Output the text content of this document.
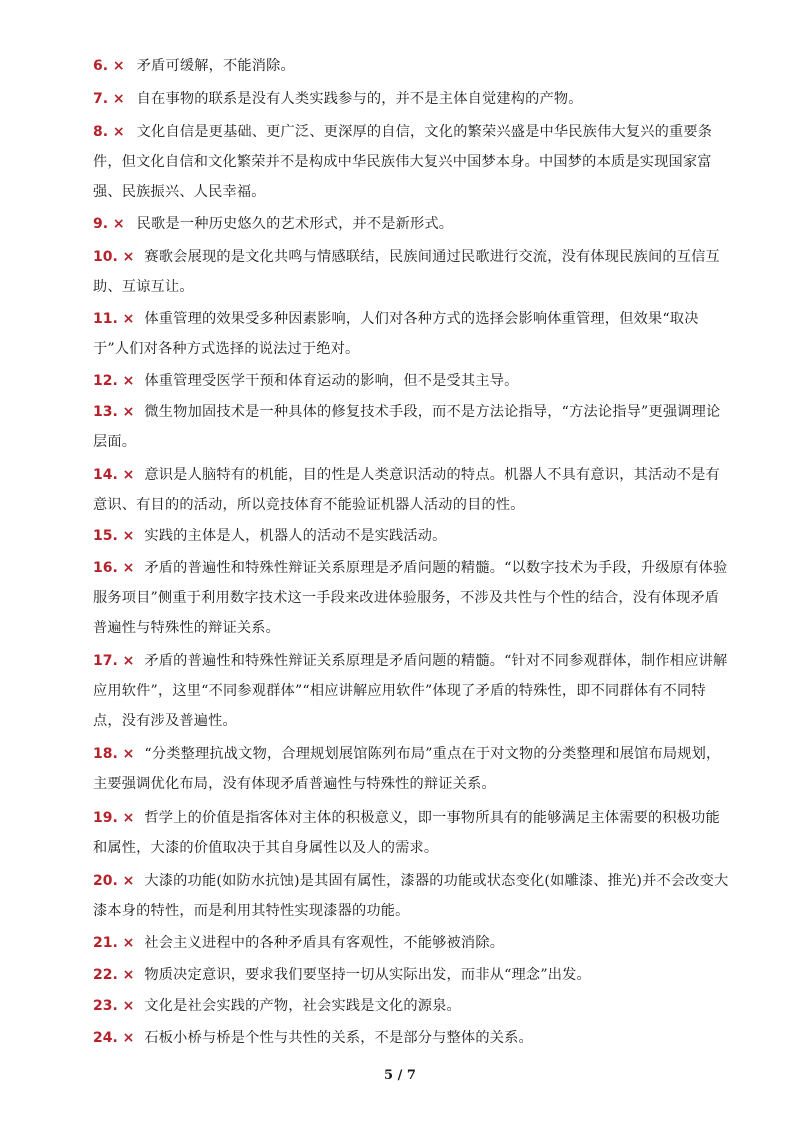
6. × 矛盾可缓解，不能消除。
7. × 自在事物的联系是没有人类实践参与的，并不是主体自觉建构的产物。
8. × 文化自信是更基础、更广泛、更深厚的自信，文化的繁荣兴盛是中华民族伟大复兴的重要条件，但文化自信和文化繁荣并不是构成中华民族伟大复兴中国梦本身。中国梦的本质是实现国家富强、民族振兴、人民幸福。
9. × 民歌是一种历史悠久的艺术形式，并不是新形式。
10. × 赛歌会展现的是文化共鸣与情感联结，民族间通过民歌进行交流，没有体现民族间的互信互助、互谅互让。
11. × 体重管理的效果受多种因素影响，人们对各种方式的选择会影响体重管理，但效果“取决于”人们对各种方式选择的说法过于绝对。
12. × 体重管理受医学干预和体育运动的影响，但不是受其主导。
13. × 微生物加固技术是一种具体的修复技术手段，而不是方法论指导，“方法论指导”更强调理论层面。
14. × 意识是人脑特有的机能，目的性是人类意识活动的特点。机器人不具有意识，其活动不是有意识、有目的的活动，所以竞技体育不能验证机器人活动的目的性。
15. × 实践的主体是人，机器人的活动不是实践活动。
16. × 矛盾的普遍性和特殊性辩证关系原理是矛盾问题的精髓。“以数字技术为手段，升级原有体验服务项目”侧重于利用数字技术这一手段来改进体验服务，不涉及共性与个性的结合，没有体现矛盾普遍性与特殊性的辩证关系。
17. × 矛盾的普遍性和特殊性辩证关系原理是矛盾问题的精髓。“针对不同参观群体，制作相应讲解应用软件”，这里“不同参观群体”“相应讲解应用软件”体现了矛盾的特殊性，即不同群体有不同特点，没有涉及普遍性。
18. × “分类整理抗战文物，合理规划展馆陈列布局”重点在于对文物的分类整理和展馆布局规划，主要强调优化布局，没有体现矛盾普遍性与特殊性的辩证关系。
19. × 哲学上的价值是指客体对主体的积极意义，即一事物所具有的能够满足主体需要的积极功能和属性，大漆的价值取决于其自身属性以及人的需求。
20. × 大漆的功能(如防水抗蚀)是其固有属性，漆器的功能或状态变化(如雕漆、推光)并不会改变大漆本身的特性，而是利用其特性实现漆器的功能。
21. × 社会主义进程中的各种矛盾具有客观性，不能够被消除。
22. × 物质决定意识，要求我们要坚持一切从实际出发，而非从“理念”出发。
23. × 文化是社会实践的产物，社会实践是文化的源泉。
24. × 石板小桥与桥是个性与共性的关系，不是部分与整体的关系。
5 / 7
